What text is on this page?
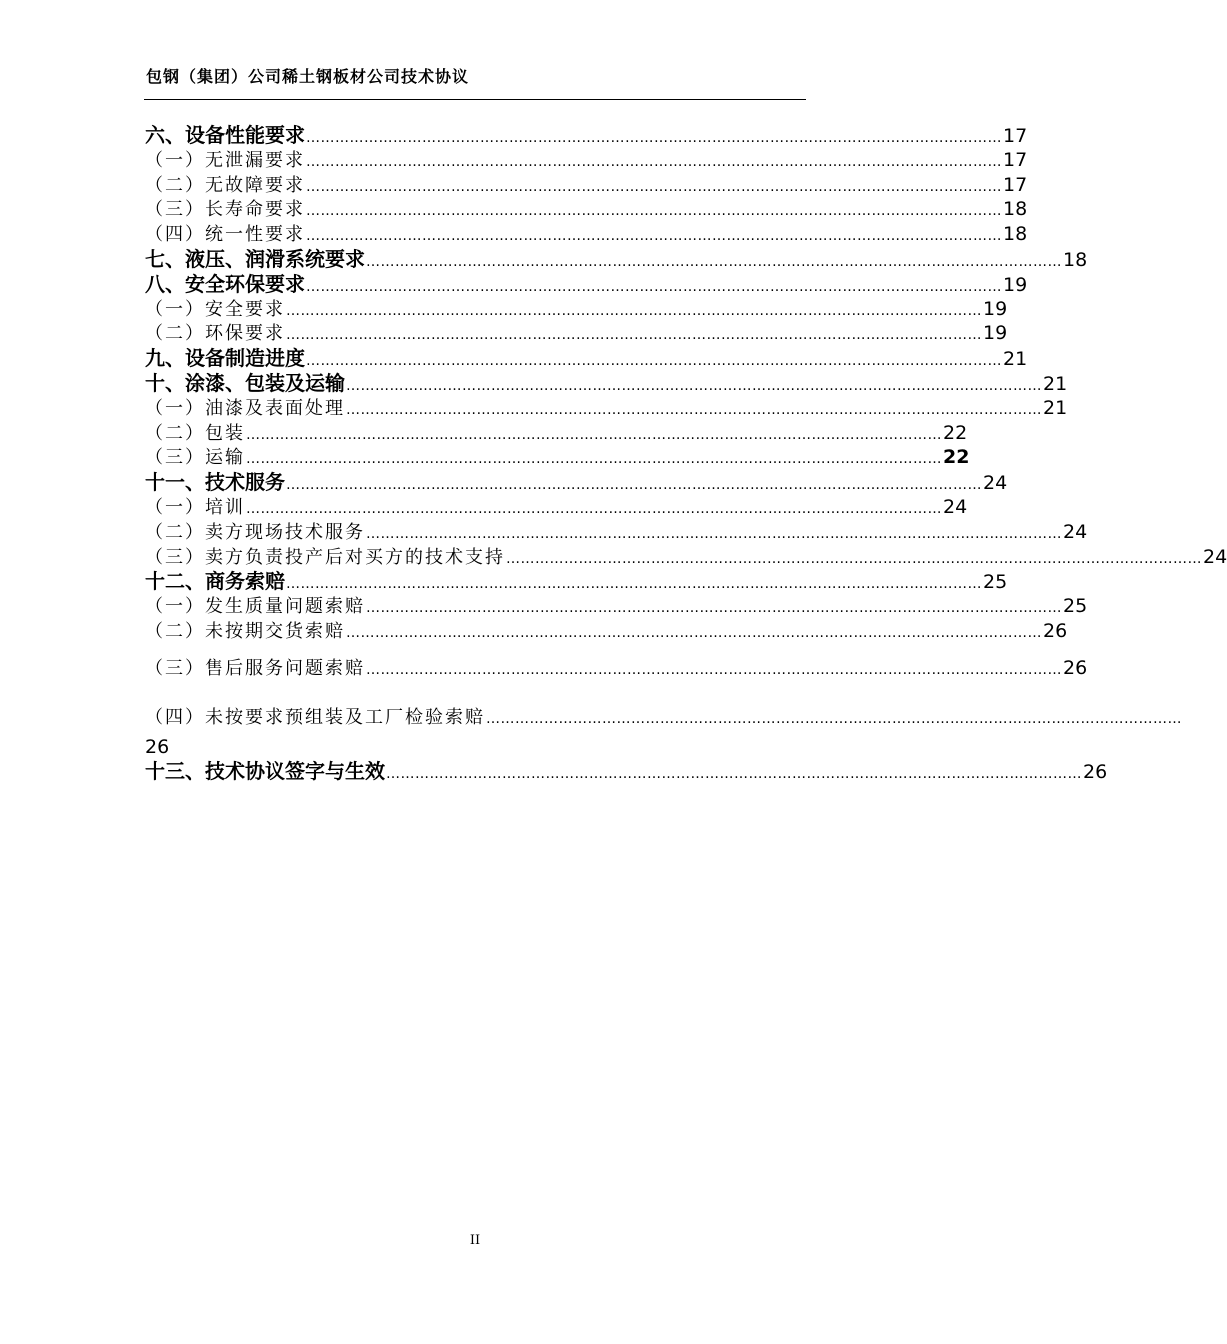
包钢（集团）公司稀土钢板材公司技术协议
六、设备性能要求 ……………………………………………………………………………………………………………………………… 17
（一）无泄漏要求 ……………………………………………………………………………………………………………………………… 17
（二）无故障要求 ……………………………………………………………………………………………………………………………… 17
（三）长寿命要求 ……………………………………………………………………………………………………………………………… 18
（四）统一性要求 ……………………………………………………………………………………………………………………………… 18
七、液压、润滑系统要求 ……………………………………………………………………………………………………………………………… 18
八、安全环保要求 ……………………………………………………………………………………………………………………………… 19
（一）安全要求 ……………………………………………………………………………………………………………………………… 19
（二）环保要求 ……………………………………………………………………………………………………………………………… 19
九、设备制造进度 ……………………………………………………………………………………………………………………………… 21
十、涂漆、包装及运输 ……………………………………………………………………………………………………………………………… 21
（一）油漆及表面处理 ……………………………………………………………………………………………………………………………… 21
（二）包装 ……………………………………………………………………………………………………………………………… 22
（三）运输 ……………………………………………………………………………………………………………………………… 22
十一、技术服务 ……………………………………………………………………………………………………………………………… 24
（一）培训 ……………………………………………………………………………………………………………………………… 24
（二）卖方现场技术服务 ……………………………………………………………………………………………………………………………… 24
（三）卖方负责投产后对买方的技术支持 ……………………………………………………………………………………………………………………………… 24
十二、商务索赔 ……………………………………………………………………………………………………………………………… 25
（一）发生质量问题索赔 ……………………………………………………………………………………………………………………………… 25
（二）未按期交货索赔 ……………………………………………………………………………………………………………………………… 26
（三）售后服务问题索赔 ……………………………………………………………………………………………………………………………… 26
（四）未按要求预组装及工厂检验索赔 ………………………………………………………………………………………………………………………………
26
十三、技术协议签字与生效 ……………………………………………………………………………………………………………………………… 26
II
